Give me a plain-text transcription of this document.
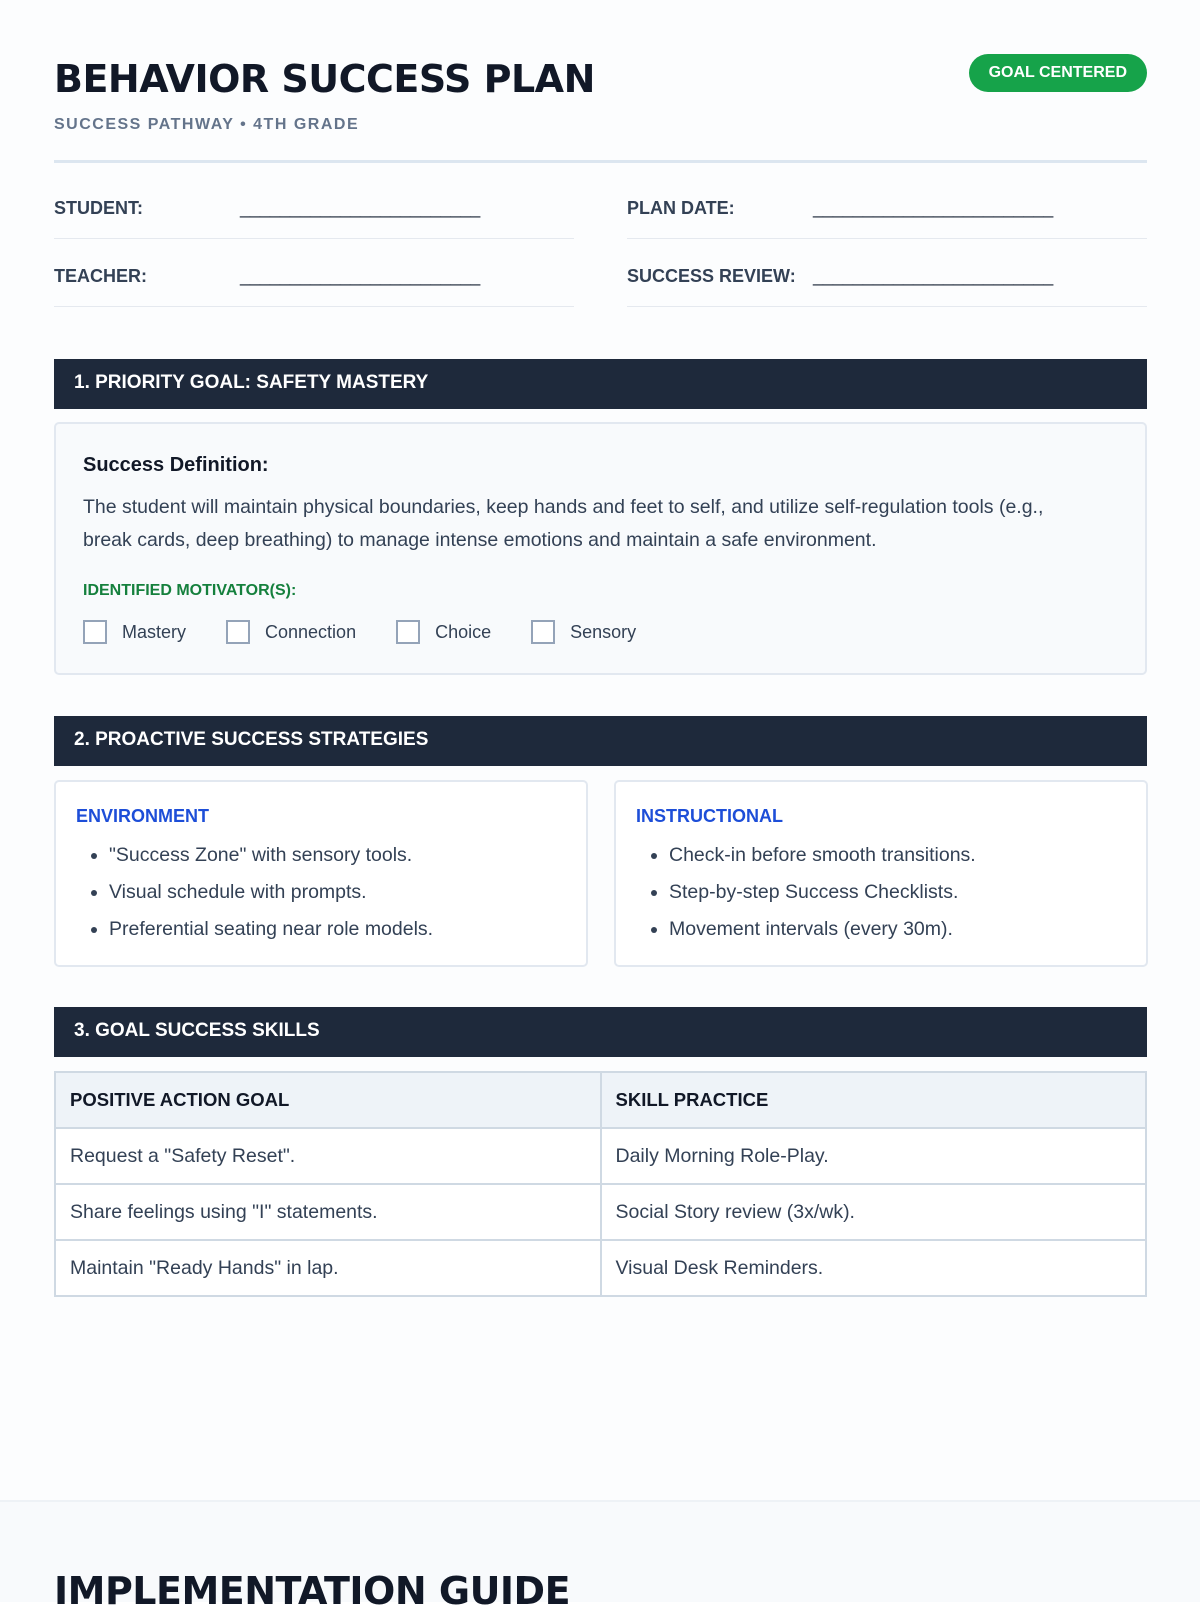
BEHAVIOR SUCCESS PLAN
SUCCESS PATHWAY • 4TH GRADE
GOAL CENTERED
STUDENT:	________________________	PLAN DATE:	________________________
TEACHER:	________________________	SUCCESS REVIEW: ________________________
1. PRIORITY GOAL: SAFETY MASTERY
Success Definition:
The student will maintain physical boundaries, keep hands and feet to self, and utilize self-regulation tools (e.g., break cards, deep breathing) to manage intense emotions and maintain a safe environment.
IDENTIFIED MOTIVATOR(S):
Mastery	Connection	Choice	Sensory
2. PROACTIVE SUCCESS STRATEGIES
ENVIRONMENT
• "Success Zone" with sensory tools.
• Visual schedule with prompts.
• Preferential seating near role models.
INSTRUCTIONAL
• Check-in before smooth transitions.
• Step-by-step Success Checklists.
• Movement intervals (every 30m).
3. GOAL SUCCESS SKILLS
POSITIVE ACTION GOAL	SKILL PRACTICE
Request a "Safety Reset".	Daily Morning Role-Play.
Share feelings using "I" statements.	Social Story review (3x/wk).
Maintain "Ready Hands" in lap.	Visual Desk Reminders.
IMPLEMENTATION GUIDE
